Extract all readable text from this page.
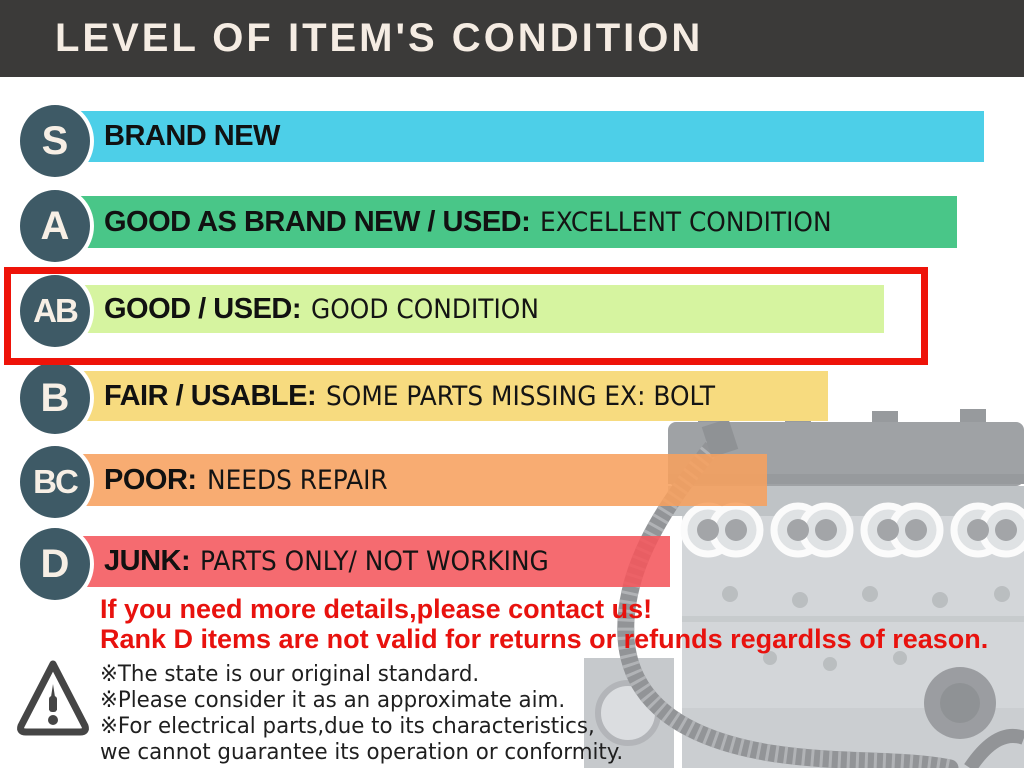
LEVEL OF ITEM'S CONDITION
S	BRAND NEW
A	GOOD AS BRAND NEW / USED: EXCELLENT CONDITION
AB GOOD / USED: GOOD CONDITION
B	FAIR / USABLE: SOME PARTS MISSING EX: BOLT
BC POOR: NEEDS REPAIR
D	JUNK: PARTS ONLY/ NOT WORKING
If you need more details,please contact us!
Rank D items are not valid for returns or refunds regardlss of reason.
※The state is our original standard.
※Please consider it as an approximate aim.
※For electrical parts,due to its characteristics,
we cannot guarantee its operation or conformity.
